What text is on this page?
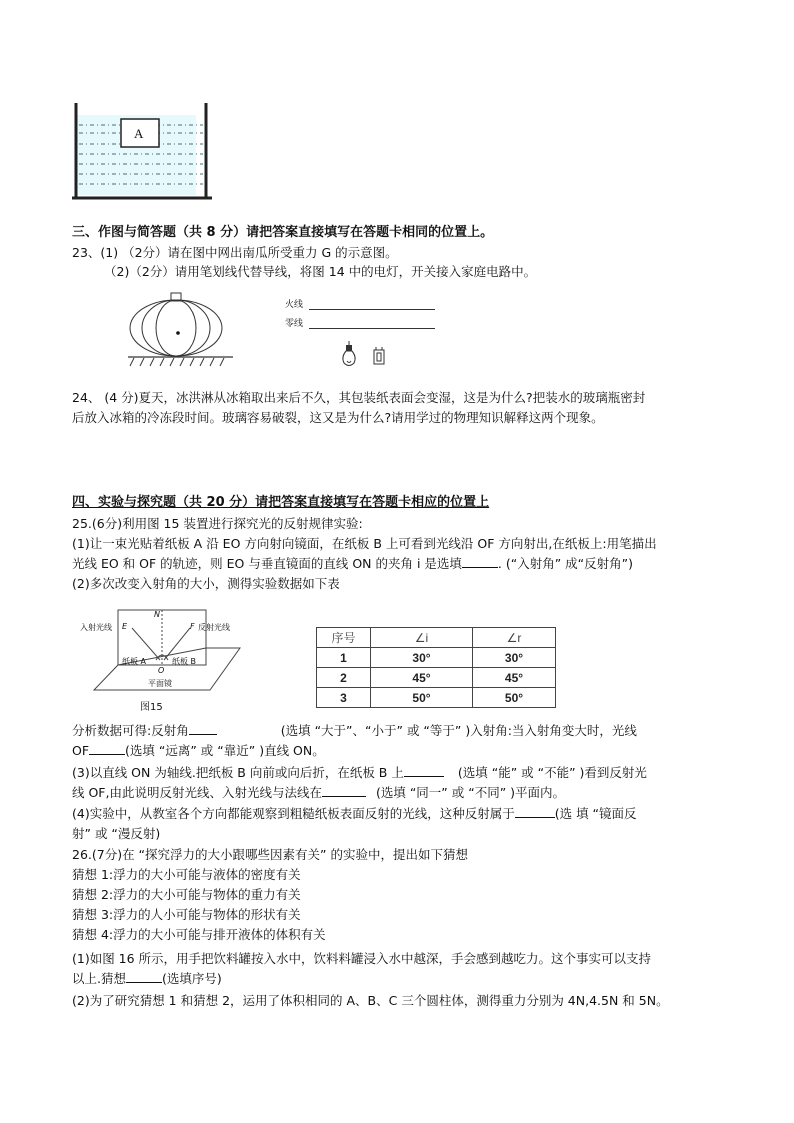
A
三、作图与简答题（共 8 分）请把答案直接填写在答题卡相同的位置上。
23、(1) （2分）请在图中网出南瓜所受重力 G 的示意图。
（2)（2分）请用笔划线代替导线，将图 14 中的电灯，开关接入家庭电路中。
火线
零线
24、 (4 分)夏天，冰洪淋从冰箱取出来后不久，其包装纸表面会变湿，这是为什么?把装水的玻璃瓶密封
后放入冰箱的冷冻段时间。玻璃容易破裂，这又是为什么?请用学过的物理知识解释这两个现象。
四、实验与探究题（共 20 分）请把答案直接填写在答题卡相应的位置上
25.(6分)利用图 15 装置进行探究光的反射规律实验:
(1)让一束光贴着纸板 A 沿 EO 方向射向镜面，在纸板 B 上可看到光线沿 OF 方向射出,在纸板上:用笔描出
光线 EO 和 OF 的轨迹，则 EO 与垂直镜面的直线 ON 的夹角 i 是选填	. (“入射角” 成“反射角”)
(2)多次改变入射角的大小，测得实验数据如下表
入射光线 E
N
F 反射光线
纸板 A	纸板 B
O
平面镜
图15
序号	∠i	∠r
1	30°	30°
2	45°	45°
3	50°	50°
分析数据可得:反射角	(选填 “大于”、“小于” 或 “等于” )入射角:当入射角变大时，光线
OF	(选填 “远离” 或 “靠近” )直线 ON。
(3)以直线 ON 为轴线.把纸板 B 向前或向后折，在纸板 B 上	(选填 “能” 或 “不能” )看到反射光
线 OF,由此说明反射光线、入射光线与法线在	(选填 “同一” 或 “不同” )平面内。
(4)实验中，从教室各个方向都能观察到粗糙纸板表面反射的光线，这种反射属于	(选 填 “镜面反
射” 或 “漫反射)
26.(7分)在 “探究浮力的大小跟哪些因素有关” 的实验中，提出如下猜想
猜想 1:浮力的大小可能与液体的密度有关
猜想 2:浮力的大小可能与物体的重力有关
猜想 3:浮力的人小可能与物体的形状有关
猜想 4:浮力的大小可能与排开液体的体积有关
(1)如图 16 所示，用手把饮料罐按入水中，饮料料罐浸入水中越深，手会感到越吃力。这个事实可以支持
以上.猜想	(选填序号)
(2)为了研究猜想 1 和猜想 2，运用了体积相同的 A、B、C 三个圆柱体，测得重力分别为 4N,4.5N 和 5N。
